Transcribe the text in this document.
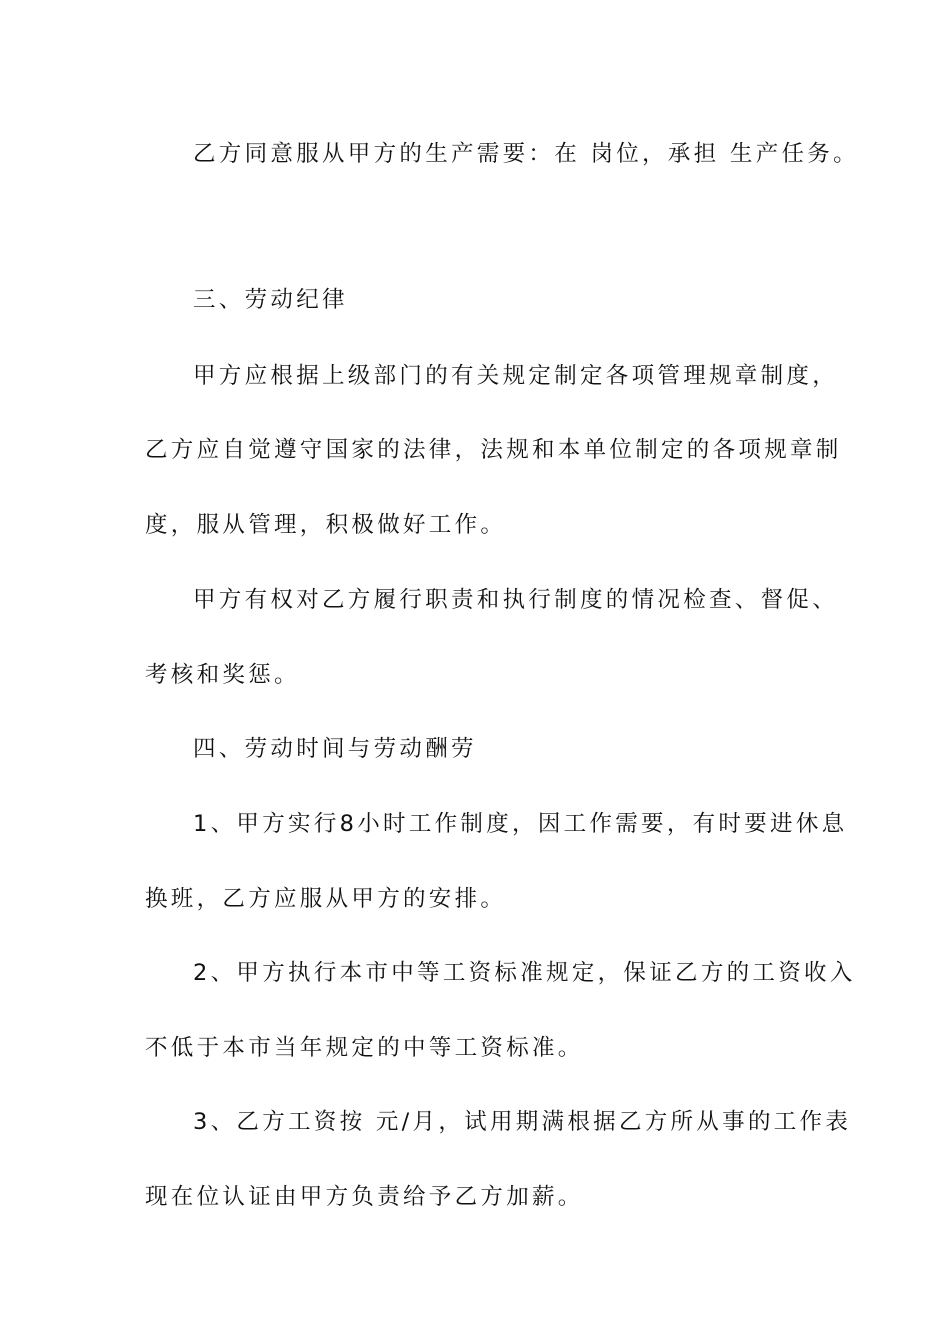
乙方同意服从甲方的生产需要：在 岗位，承担 生产任务。
三、劳动纪律
甲方应根据上级部门的有关规定制定各项管理规章制度，
乙方应自觉遵守国家的法律，法规和本单位制定的各项规章制
度，服从管理，积极做好工作。
甲方有权对乙方履行职责和执行制度的情况检查、督促、
考核和奖惩。
四、劳动时间与劳动酬劳
1、甲方实行8小时工作制度，因工作需要，有时要进休息
换班，乙方应服从甲方的安排。
2、甲方执行本市中等工资标准规定，保证乙方的工资收入
不低于本市当年规定的中等工资标准。
3、乙方工资按 元/月，试用期满根据乙方所从事的工作表
现在位认证由甲方负责给予乙方加薪。
